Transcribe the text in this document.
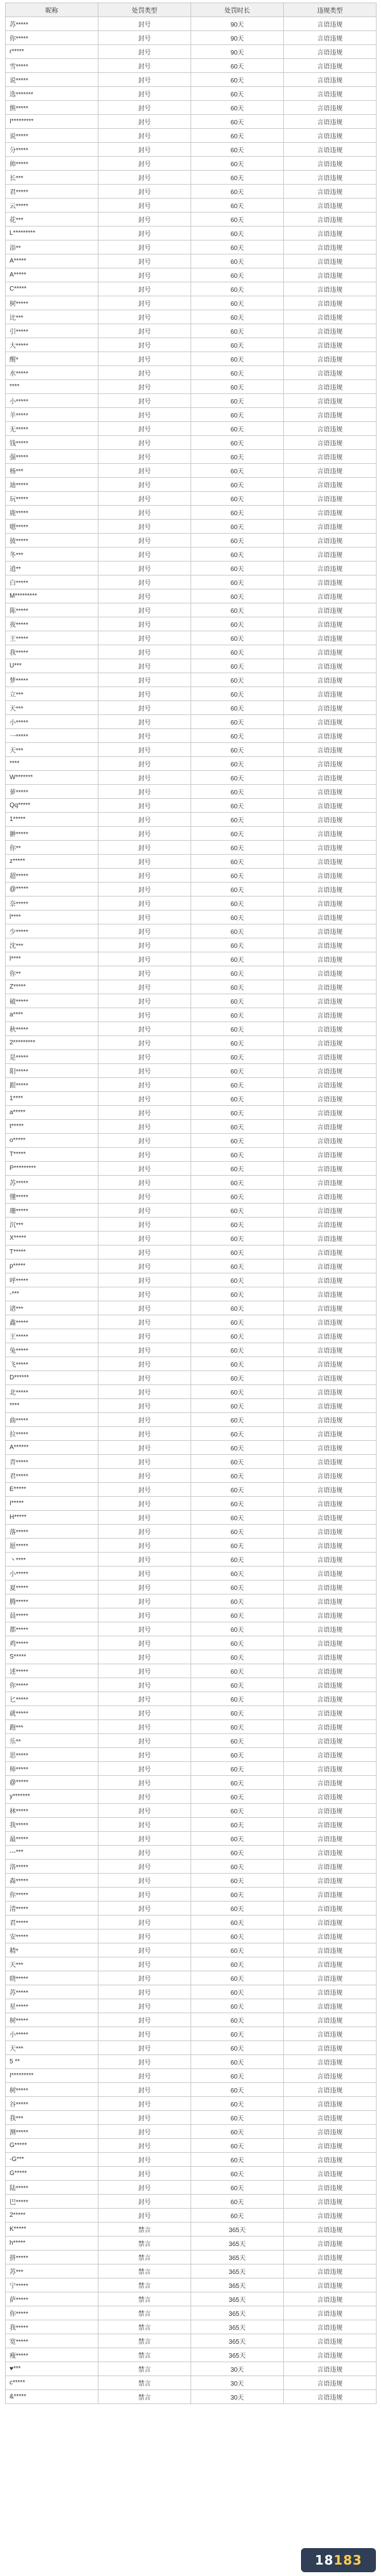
昵称	处罚类型	处罚时长	违规类型
苏*****	封号	90天	言语违规
你*****	封号	90天	言语违规
r*****	封号	90天	言语违规
雪*****	封号	60天	言语违规
说*****	封号	60天	言语违规
选*******	封号	60天	言语违规
熊*****	封号	60天	言语违规
I*********	封号	60天	言语违规
说*****	封号	60天	言语违规
分*****	封号	60天	言语违规
帅*****	封号	60天	言语违规
长***	封号	60天	言语违规
君*****	封号	60天	言语违规
云*****	封号	60天	言语违规
花***	封号	60天	言语违规
L*********	封号	60天	言语违规
添**	封号	60天	言语违规
A*****	封号	60天	言语违规
A*****	封号	60天	言语违规
C*****	封号	60天	言语违规
树*****	封号	60天	言语违规
比***	封号	60天	言语违规
引*****	封号	60天	言语违规
大*****	封号	60天	言语违规
醒*	封号	60天	言语违规
水*****	封号	60天	言语违规
****	封号	60天	言语违规
小*****	封号	60天	言语违规
羊*****	封号	60天	言语违规
无*****	封号	60天	言语违规
钱*****	封号	60天	言语违规
强*****	封号	60天	言语违规
杨***	封号	60天	言语违规
迪*****	封号	60天	言语违规
玩*****	封号	60天	言语违规
鹿*****	封号	60天	言语违规
嗯*****	封号	60天	言语违规
彼*****	封号	60天	言语违规
冬***	封号	60天	言语违规
逍**	封号	60天	言语违规
白*****	封号	60天	言语违规
M*********	封号	60天	言语违规
陈*****	封号	60天	言语违规
夜*****	封号	60天	言语违规
王*****	封号	60天	言语违规
我*****	封号	60天	言语违规
U***	封号	60天	言语违规
梦*****	封号	60天	言语违规
立***	封号	60天	言语违规
天***	封号	60天	言语违规
小*****	封号	60天	言语违规
一*****	封号	60天	言语违规
天***	封号	60天	言语违规
****	封号	60天	言语违规
W*******	封号	60天	言语违规
萝*****	封号	60天	言语违规
Qq*****	封号	60天	言语违规
1*****	封号	60天	言语违规
翀*****	封号	60天	言语违规
你**	封号	60天	言语违规
z*****	封号	60天	言语违规
超*****	封号	60天	言语违规
@*****	封号	60天	言语违规
奈*****	封号	60天	言语违规
l****	封号	60天	言语违规
少*****	封号	60天	言语违规
沈***	封号	60天	言语违规
l****	封号	60天	言语违规
你**	封号	60天	言语违规
Z*****	封号	60天	言语违规
破*****	封号	60天	言语违规
a****	封号	60天	言语违规
秋*****	封号	60天	言语违规
2*********	封号	60天	言语违规
是*****	封号	60天	言语违规
阳*****	封号	60天	言语违规
跟*****	封号	60天	言语违规
1****	封号	60天	言语违规
a*****	封号	60天	言语违规
t*****	封号	60天	言语违规
o*****	封号	60天	言语违规
T*****	封号	60天	言语违规
P*********	封号	60天	言语违规
苏*****	封号	60天	言语违规
懂*****	封号	60天	言语违规
珊*****	封号	60天	言语违规
沉***	封号	60天	言语违规
X*****	封号	60天	言语违规
T*****	封号	60天	言语违规
p*****	封号	60天	言语违规
呼*****	封号	60天	言语违规
-***	封号	60天	言语违规
诸***	封号	60天	言语违规
鑫*****	封号	60天	言语违规
王*****	封号	60天	言语违规
兔*****	封号	60天	言语违规
飞*****	封号	60天	言语违规
D******	封号	60天	言语违规
北*****	封号	60天	言语违规
****	封号	60天	言语违规
曲*****	封号	60天	言语违规
拉*****	封号	60天	言语违规
A******	封号	60天	言语违规
青*****	封号	60天	言语违规
君*****	封号	60天	言语违规
E*****	封号	60天	言语违规
I*****	封号	60天	言语违规
H*****	封号	60天	言语违规
落*****	封号	60天	言语违规
愿*****	封号	60天	言语违规
丶****	封号	60天	言语违规
小*****	封号	60天	言语违规
夏*****	封号	60天	言语违规
腾*****	封号	60天	言语违规
晨*****	封号	60天	言语违规
都*****	封号	60天	言语违规
鸡*****	封号	60天	言语违规
S*****	封号	60天	言语违规
述*****	封号	60天	言语违规
你*****	封号	60天	言语违规
匕*****	封号	60天	言语违规
就*****	封号	60天	言语违规
跑***	封号	60天	言语违规
乐**	封号	60天	言语违规
思*****	封号	60天	言语违规
师*****	封号	60天	言语违规
@*****	封号	60天	言语违规
y*******	封号	60天	言语违规
林*****	封号	60天	言语违规
我*****	封号	60天	言语违规
最*****	封号	60天	言语违规
---***	封号	60天	言语违规
洛*****	封号	60天	言语违规
森*****	封号	60天	言语违规
你*****	封号	60天	言语违规
清*****	封号	60天	言语违规
君*****	封号	60天	言语违规
安*****	封号	60天	言语违规
精*	封号	60天	言语违规
天***	封号	60天	言语违规
晓*****	封号	60天	言语违规
苏*****	封号	60天	言语违规
星*****	封号	60天	言语违规
树*****	封号	60天	言语违规
小*****	封号	60天	言语违规
天***	封号	60天	言语违规
5 **	封号	60天	言语违规
I*********	封号	60天	言语违规
树*****	封号	60天	言语违规
谷*****	封号	60天	言语违规
我***	封号	60天	言语违规
测*****	封号	60天	言语违规
G*****	封号	60天	言语违规
-G***	封号	60天	言语违规
G*****	封号	60天	言语违规
陆*****	封号	60天	言语违规
巴*****	封号	60天	言语违规
2*****	封号	60天	言语违规
K*****	禁言	365天	言语违规
h*****	禁言	365天	言语违规
拼*****	禁言	365天	言语违规
苏***	禁言	365天	言语违规
宁*****	禁言	365天	言语违规
萨*****	禁言	365天	言语违规
你*****	禁言	365天	言语违规
我*****	禁言	365天	言语违规
宽*****	禁言	365天	言语违规
瘦*****	禁言	365天	言语违规
♥***	禁言	30天	言语违规
c*****	禁言	30天	言语违规
&*****	禁言	30天	言语违规
18 183
